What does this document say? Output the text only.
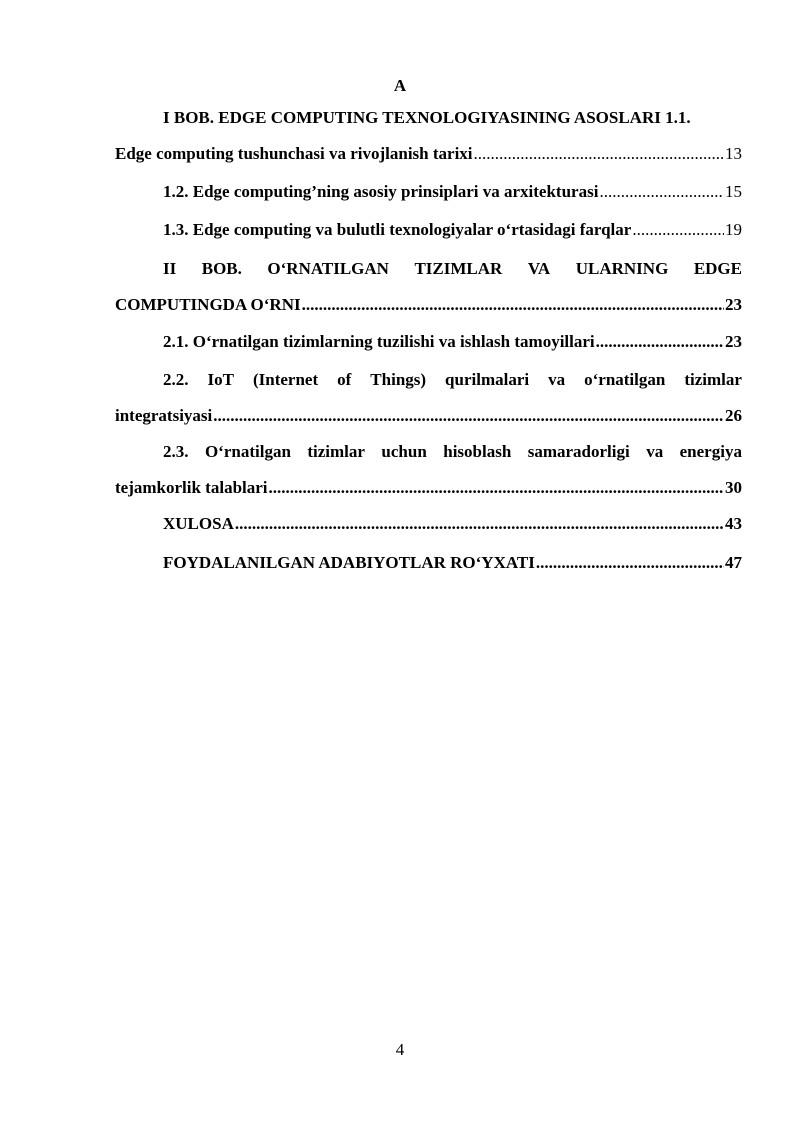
A
I BOB. EDGE COMPUTING TEXNOLOGIYASINING ASOSLARI 1.1.
Edge computing tushunchasi va rivojlanish tarixi .....	13
1.2. Edge computing’ning asosiy prinsiplari va arxitekturasi .....	15
1.3. Edge computing va bulutli texnologiyalar o‘rtasidagi farqlar .....	19
II BOB. O‘RNATILGAN TIZIMLAR VA ULARNING EDGE
COMPUTINGDA O‘RNI .....	23
2.1. O‘rnatilgan tizimlarning tuzilishi va ishlash tamoyillari .....	23
2.2. IoT (Internet of Things) qurilmalari va o‘rnatilgan tizimlar
integratsiyasi .....	26
2.3. O‘rnatilgan tizimlar uchun hisoblash samaradorligi va energiya
tejamkorlik talablari .....	30
XULOSA .....	43
FOYDALANILGAN ADABIYOTLAR RO‘YXATI .....	47
4
